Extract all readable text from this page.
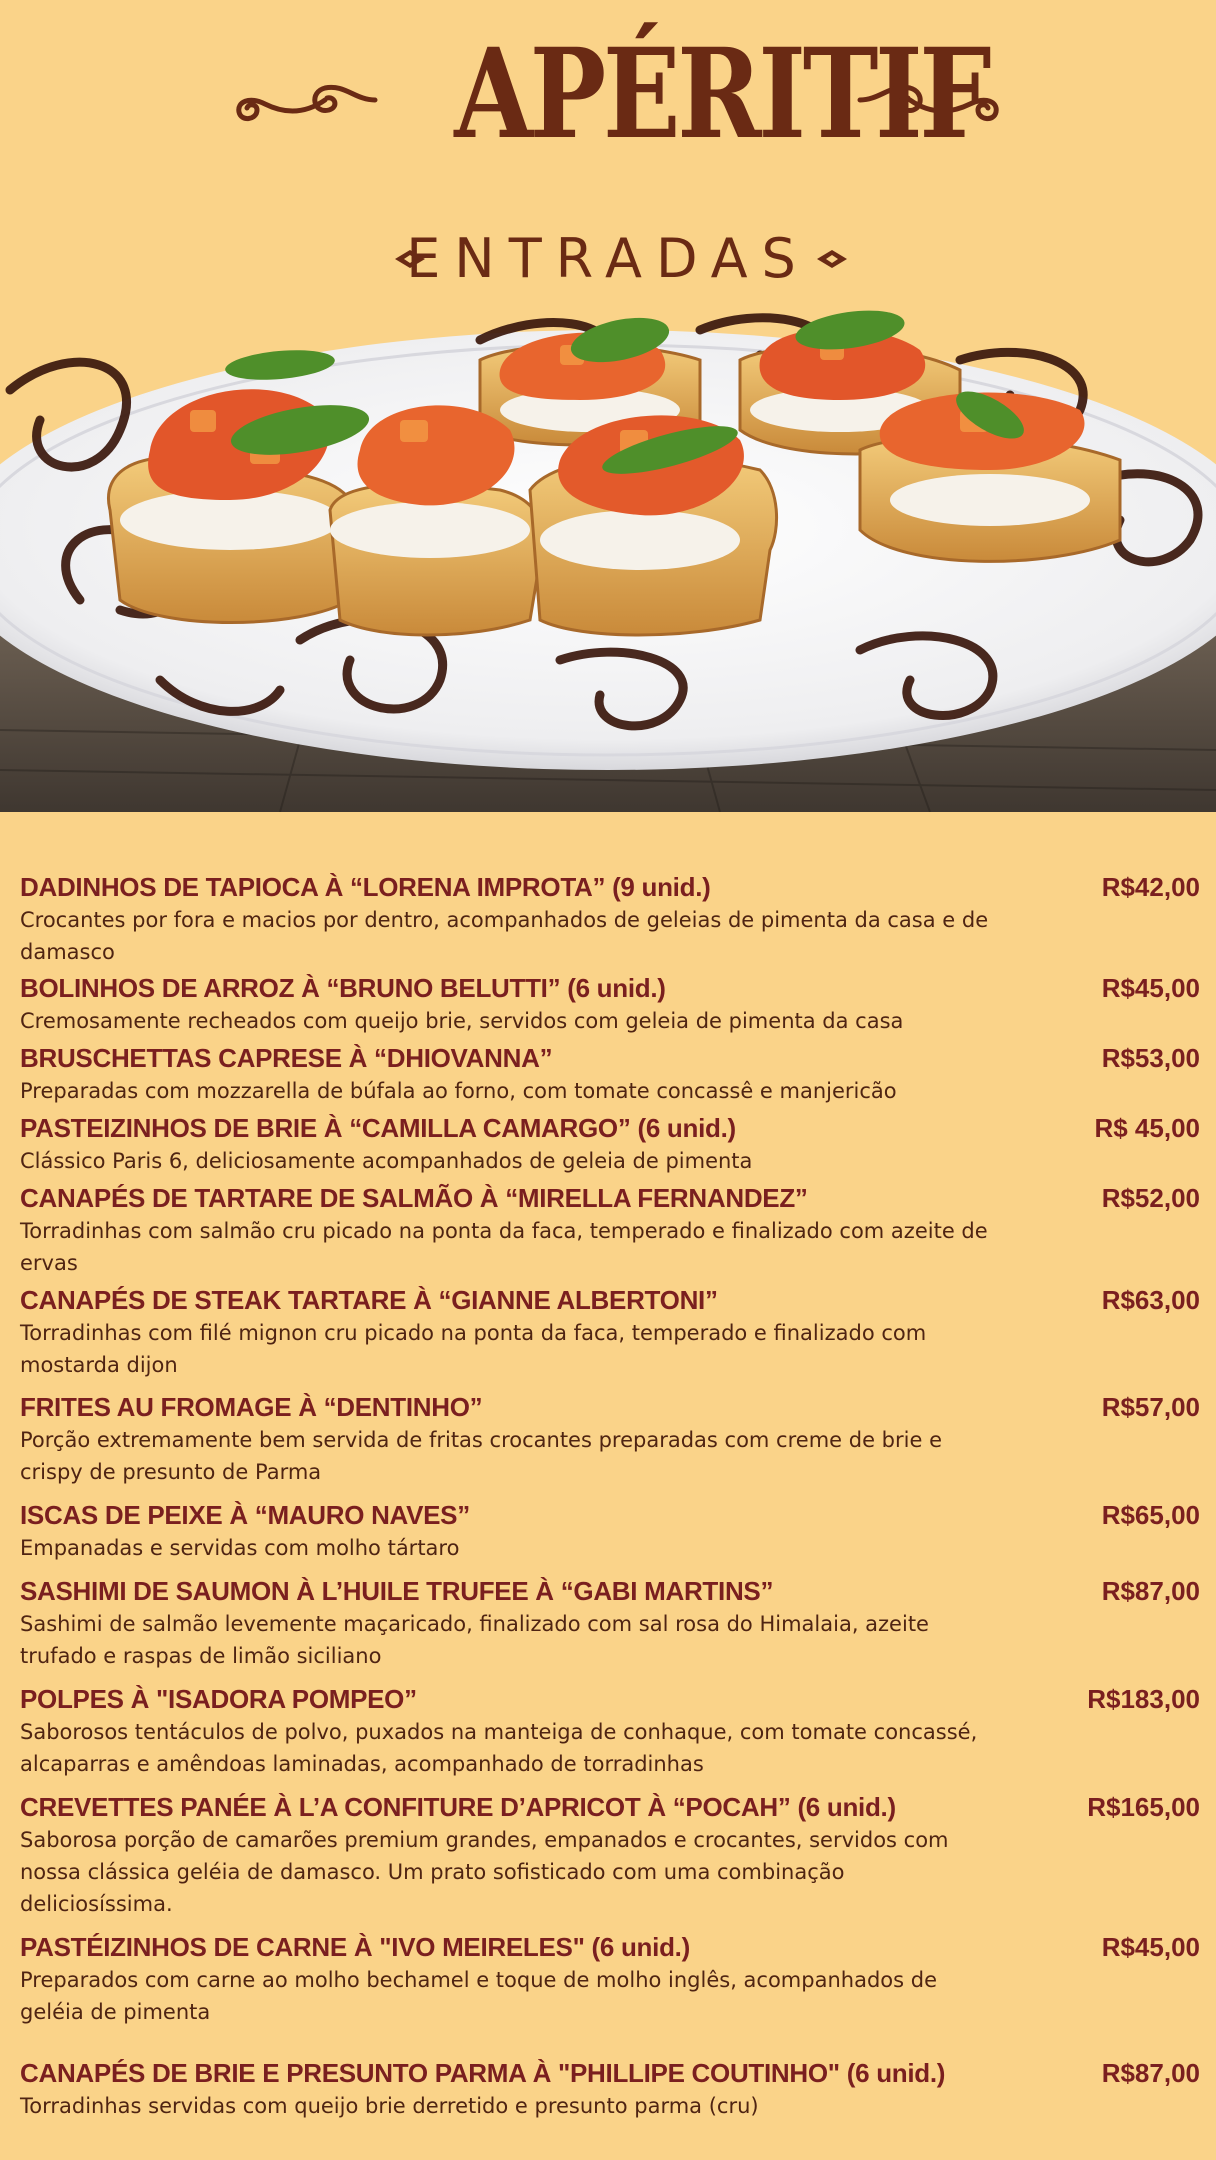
APÉRITIF
ENTRADAS
DADINHOS DE TAPIOCA À “LORENA IMPROTA” (9 unid.)	R$42,00
Crocantes por fora e macios por dentro, acompanhados de geleias de pimenta da casa e de damasco
BOLINHOS DE ARROZ À “BRUNO BELUTTI” (6 unid.)	R$45,00
Cremosamente recheados com queijo brie, servidos com geleia de pimenta da casa
BRUSCHETTAS CAPRESE À “DHIOVANNA”	R$53,00
Preparadas com mozzarella de búfala ao forno, com tomate concassê e manjericão
PASTEIZINHOS DE BRIE À “CAMILLA CAMARGO” (6 unid.)	R$ 45,00
Clássico Paris 6, deliciosamente acompanhados de geleia de pimenta
CANAPÉS DE TARTARE DE SALMÃO À “MIRELLA FERNANDEZ”	R$52,00
Torradinhas com salmão cru picado na ponta da faca, temperado e finalizado com azeite de ervas
CANAPÉS DE STEAK TARTARE À “GIANNE ALBERTONI”	R$63,00
Torradinhas com filé mignon cru picado na ponta da faca, temperado e finalizado com mostarda dijon
FRITES AU FROMAGE À “DENTINHO”	R$57,00
Porção extremamente bem servida de fritas crocantes preparadas com creme de brie e crispy de presunto de Parma
ISCAS DE PEIXE À “MAURO NAVES”	R$65,00
Empanadas e servidas com molho tártaro
SASHIMI DE SAUMON À L’HUILE TRUFEE À “GABI MARTINS”	R$87,00
Sashimi de salmão levemente maçaricado, finalizado com sal rosa do Himalaia, azeite trufado e raspas de limão siciliano
POLPES À "ISADORA POMPEO”	R$183,00
Saborosos tentáculos de polvo, puxados na manteiga de conhaque, com tomate concassé, alcaparras e amêndoas laminadas, acompanhado de torradinhas
CREVETTES PANÉE À L’A CONFITURE D’APRICOT À “POCAH” (6 unid.)	R$165,00
Saborosa porção de camarões premium grandes, empanados e crocantes, servidos com nossa clássica geléia de damasco. Um prato sofisticado com uma combinação deliciosíssima.
PASTÉIZINHOS DE CARNE À "IVO MEIRELES" (6 unid.)	R$45,00
Preparados com carne ao molho bechamel e toque de molho inglês, acompanhados de geléia de pimenta
CANAPÉS DE BRIE E PRESUNTO PARMA À "PHILLIPE COUTINHO" (6 unid.)	R$87,00
Torradinhas servidas com queijo brie derretido e presunto parma (cru)
